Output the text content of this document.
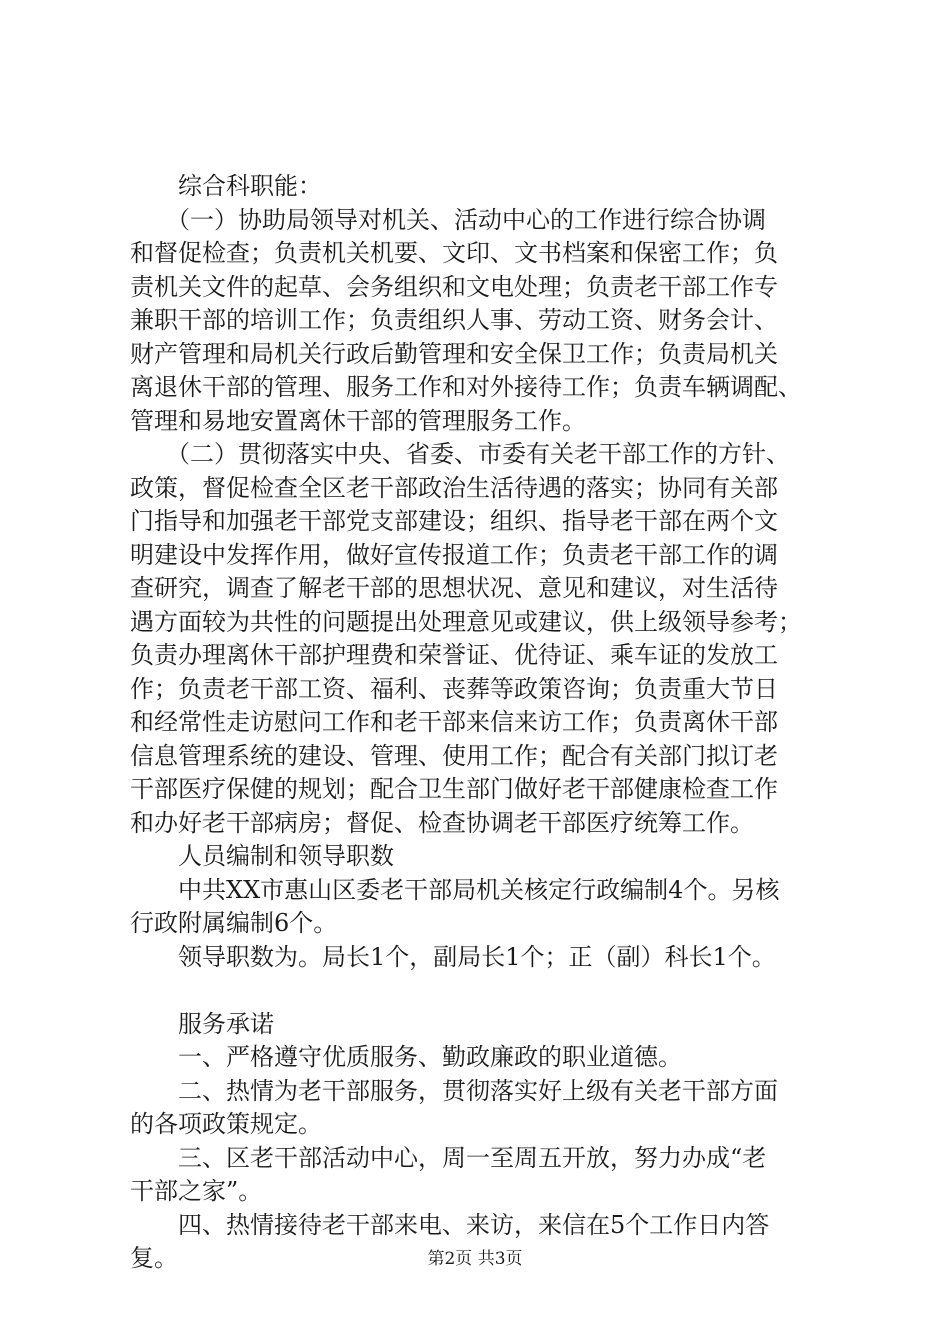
　　综合科职能：
　　（一）协助局领导对机关、活动中心的工作进行综合协调
和督促检查；负责机关机要、文印、文书档案和保密工作；负
责机关文件的起草、会务组织和文电处理；负责老干部工作专
兼职干部的培训工作；负责组织人事、劳动工资、财务会计、
财产管理和局机关行政后勤管理和安全保卫工作；负责局机关
离退休干部的管理、服务工作和对外接待工作；负责车辆调配、
管理和易地安置离休干部的管理服务工作。
　　（二）贯彻落实中央、省委、市委有关老干部工作的方针、
政策，督促检查全区老干部政治生活待遇的落实；协同有关部
门指导和加强老干部党支部建设；组织、指导老干部在两个文
明建设中发挥作用，做好宣传报道工作；负责老干部工作的调
查研究，调查了解老干部的思想状况、意见和建议，对生活待
遇方面较为共性的问题提出处理意见或建议，供上级领导参考；
负责办理离休干部护理费和荣誉证、优待证、乘车证的发放工
作；负责老干部工资、福利、丧葬等政策咨询；负责重大节日
和经常性走访慰问工作和老干部来信来访工作；负责离休干部
信息管理系统的建设、管理、使用工作；配合有关部门拟订老
干部医疗保健的规划；配合卫生部门做好老干部健康检查工作
和办好老干部病房；督促、检查协调老干部医疗统筹工作。
　　人员编制和领导职数
　　中共XX市惠山区委老干部局机关核定行政编制4个。另核
行政附属编制6个。
　　领导职数为。局长1个，副局长1个；正（副）科长1个。
　　服务承诺
　　一、严格遵守优质服务、勤政廉政的职业道德。
　　二、热情为老干部服务，贯彻落实好上级有关老干部方面
的各项政策规定。
　　三、区老干部活动中心，周一至周五开放，努力办成“老
干部之家”。
　　四、热情接待老干部来电、来访，来信在5个工作日内答
复。	第2页 共3页
